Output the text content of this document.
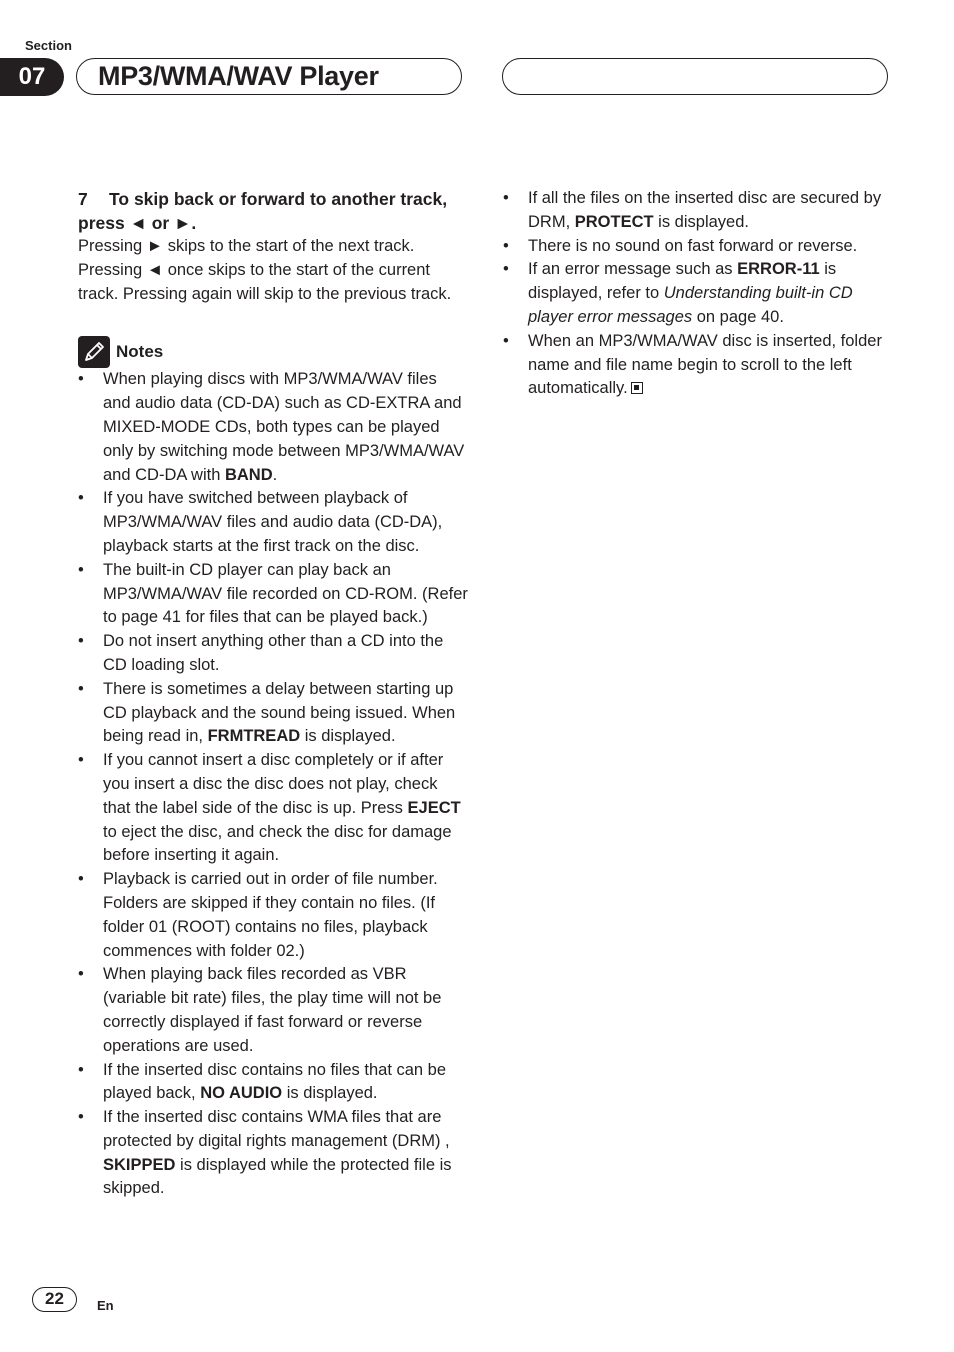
Section
07	MP3/WMA/WAV Player
7 To skip back or forward to another track, press ◄ or ►.

Pressing ► skips to the start of the next track. Pressing ◄ once skips to the start of the current track. Pressing again will skip to the previous track.

Notes
• When playing discs with MP3/WMA/WAV files and audio data (CD-DA) such as CD-EXTRA and MIXED-MODE CDs, both types can be played only by switching mode between MP3/WMA/WAV and CD-DA with BAND.
• If you have switched between playback of MP3/WMA/WAV files and audio data (CD-DA), playback starts at the first track on the disc.
• The built-in CD player can play back an MP3/WMA/WAV file recorded on CD-ROM. (Refer to page 41 for files that can be played back.)
• Do not insert anything other than a CD into the CD loading slot.
• There is sometimes a delay between starting up CD playback and the sound being issued. When being read in, FRMTREAD is displayed.
• If you cannot insert a disc completely or if after you insert a disc the disc does not play, check that the label side of the disc is up. Press EJECT to eject the disc, and check the disc for damage before inserting it again.
• Playback is carried out in order of file number. Folders are skipped if they contain no files. (If folder 01 (ROOT) contains no files, playback commences with folder 02.)
• When playing back files recorded as VBR (variable bit rate) files, the play time will not be correctly displayed if fast forward or reverse operations are used.
• If the inserted disc contains no files that can be played back, NO AUDIO is displayed.
• If the inserted disc contains WMA files that are protected by digital rights management (DRM) , SKIPPED is displayed while the protected file is skipped.
• If all the files on the inserted disc are secured by DRM, PROTECT is displayed.
• There is no sound on fast forward or reverse.
• If an error message such as ERROR-11 is displayed, refer to Understanding built-in CD player error messages on page 40.
• When an MP3/WMA/WAV disc is inserted, folder name and file name begin to scroll to the left automatically.
22	En
